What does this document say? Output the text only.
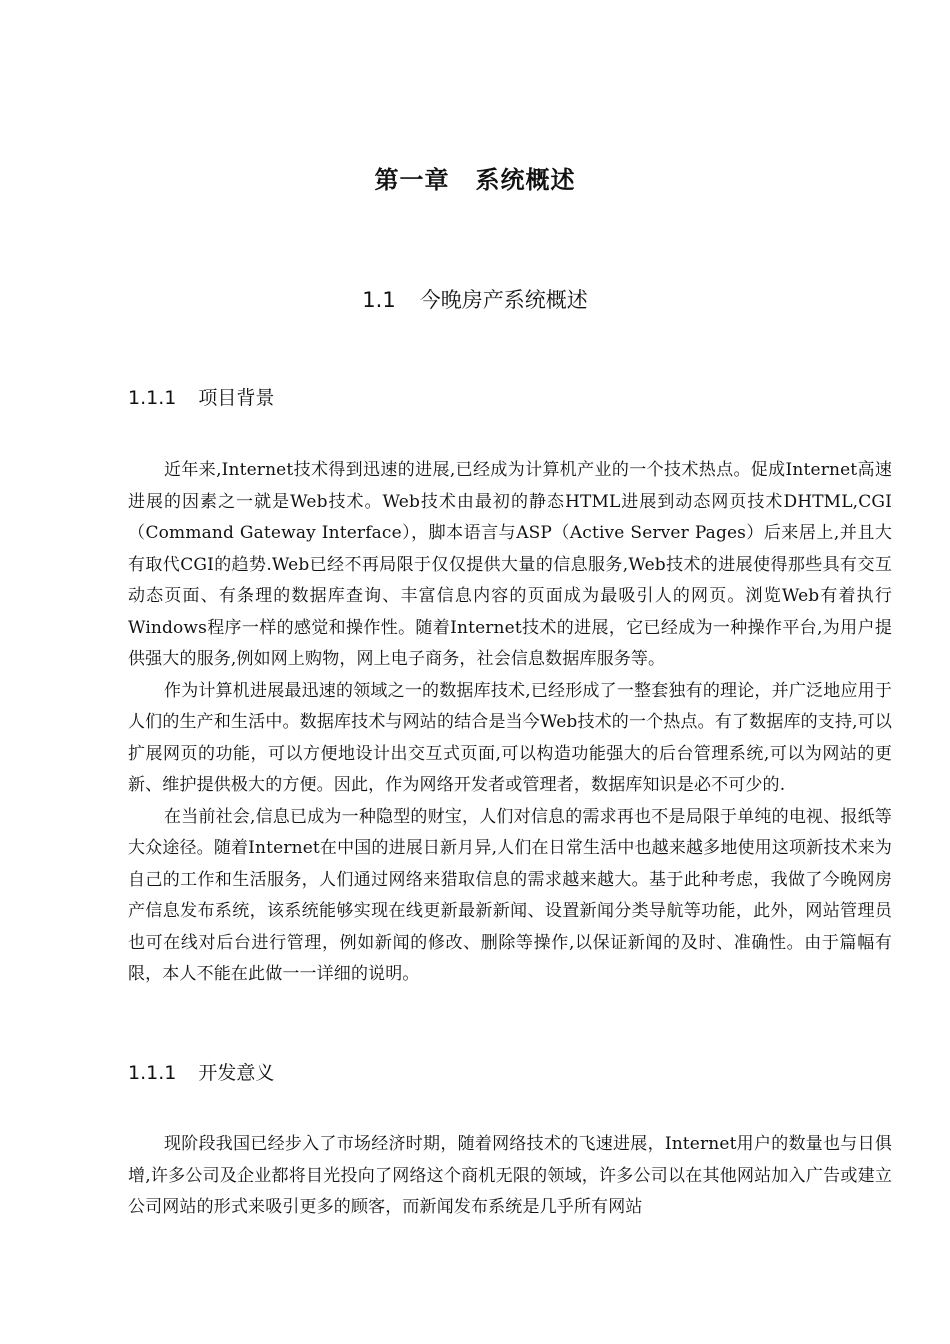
第一章 系统概述
1.1 今晚房产系统概述
1.1.1 项目背景

近年来,Internet技术得到迅速的进展,已经成为计算机产业的一个技术热点。促成Internet高速进展的因素之一就是Web技术。Web技术由最初的静态HTML进展到动态网页技术DHTML,CGI（Command Gateway Interface），脚本语言与ASP（Active Server Pages）后来居上,并且大有取代CGI的趋势.Web已经不再局限于仅仅提供大量的信息服务,Web技术的进展使得那些具有交互动态页面、有条理的数据库查询、丰富信息内容的页面成为最吸引人的网页。浏览Web有着执行Windows程序一样的感觉和操作性。随着Internet技术的进展，它已经成为一种操作平台,为用户提供强大的服务,例如网上购物，网上电子商务，社会信息数据库服务等。

作为计算机进展最迅速的领域之一的数据库技术,已经形成了一整套独有的理论，并广泛地应用于人们的生产和生活中。数据库技术与网站的结合是当今Web技术的一个热点。有了数据库的支持,可以扩展网页的功能，可以方便地设计出交互式页面,可以构造功能强大的后台管理系统,可以为网站的更新、维护提供极大的方便。因此，作为网络开发者或管理者，数据库知识是必不可少的.

在当前社会,信息已成为一种隐型的财宝，人们对信息的需求再也不是局限于单纯的电视、报纸等大众途径。随着Internet在中国的进展日新月异,人们在日常生活中也越来越多地使用这项新技术来为自己的工作和生活服务，人们通过网络来猎取信息的需求越来越大。基于此种考虑，我做了今晚网房产信息发布系统，该系统能够实现在线更新最新新闻、设置新闻分类导航等功能，此外，网站管理员也可在线对后台进行管理，例如新闻的修改、删除等操作,以保证新闻的及时、准确性。由于篇幅有限，本人不能在此做一一详细的说明。

1.1.1 开发意义

现阶段我国已经步入了市场经济时期，随着网络技术的飞速进展，Internet用户的数量也与日俱增,许多公司及企业都将目光投向了网络这个商机无限的领域，许多公司以在其他网站加入广告或建立公司网站的形式来吸引更多的顾客，而新闻发布系统是几乎所有网站
